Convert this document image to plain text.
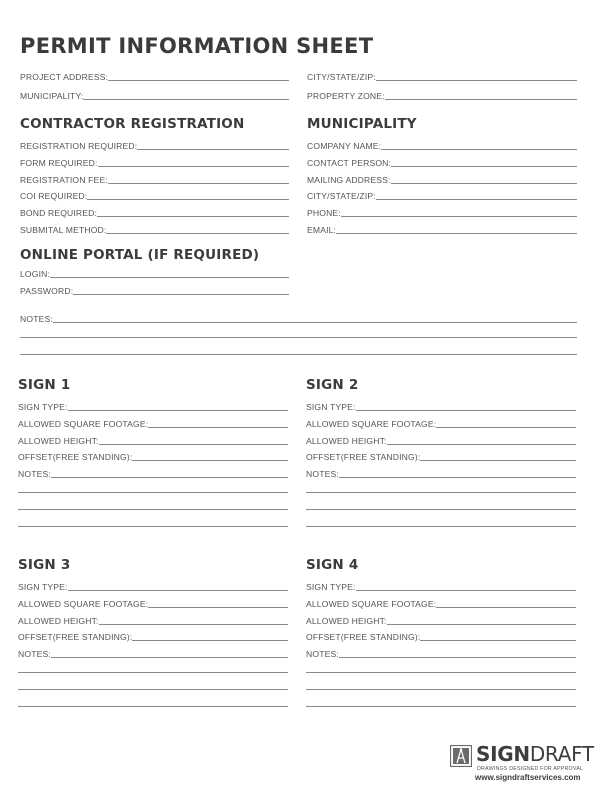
PERMIT INFORMATION SHEET
PROJECT ADDRESS:
MUNICIPALITY:
CITY/STATE/ZIP:
PROPERTY ZONE:
CONTRACTOR REGISTRATION
REGISTRATION REQUIRED:
FORM REQUIRED:
REGISTRATION FEE:
COI REQUIRED:
BOND REQUIRED:
SUBMITAL METHOD:
MUNICIPALITY
COMPANY NAME:
CONTACT PERSON:
MAILING ADDRESS:
CITY/STATE/ZIP:
PHONE:
EMAIL:
ONLINE PORTAL (IF REQUIRED)
LOGIN:
PASSWORD:
NOTES:
SIGN 1
SIGN TYPE:
ALLOWED SQUARE FOOTAGE:
ALLOWED HEIGHT:
OFFSET(FREE STANDING):
NOTES:
SIGN 2
SIGN TYPE:
ALLOWED SQUARE FOOTAGE:
ALLOWED HEIGHT:
OFFSET(FREE STANDING):
NOTES:
SIGN 3
SIGN TYPE:
ALLOWED SQUARE FOOTAGE:
ALLOWED HEIGHT:
OFFSET(FREE STANDING):
NOTES:
SIGN 4
SIGN TYPE:
ALLOWED SQUARE FOOTAGE:
ALLOWED HEIGHT:
OFFSET(FREE STANDING):
NOTES:
SIGNDRAFT
DRAWINGS DESIGNED FOR APPROVAL
www.signdraftservices.com
